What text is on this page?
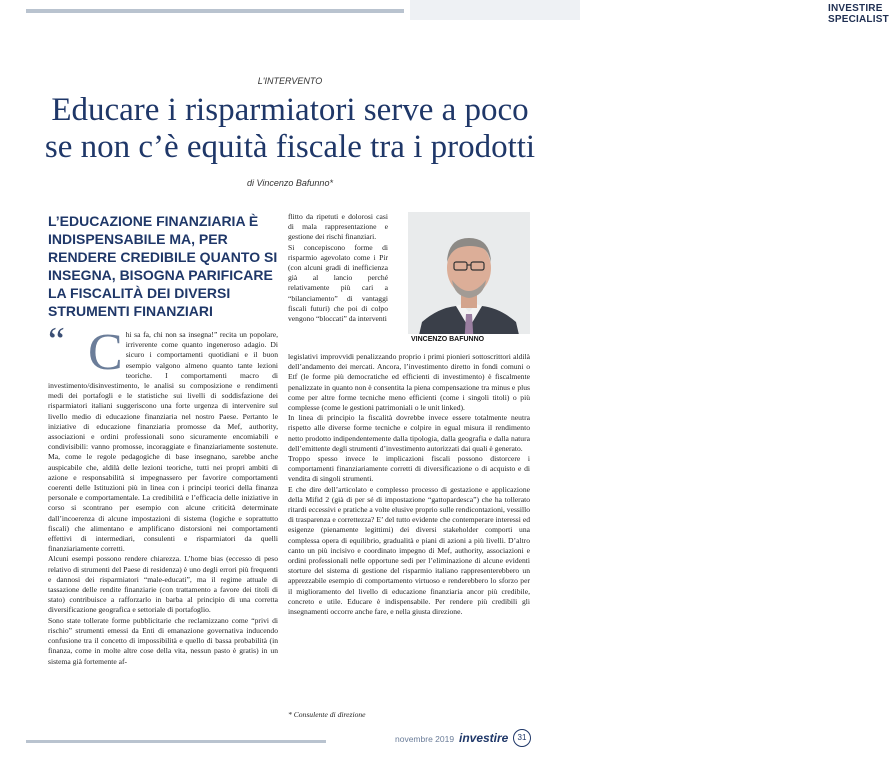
INVESTIRE SPECIALIST
L'INTERVENTO
Educare i risparmiatori serve a poco
se non c’è equità fiscale tra i prodotti
di Vincenzo Bafunno*
L’EDUCAZIONE FINANZIARIA È INDISPENSABILE MA, PER RENDERE CREDIBILE QUANTO SI INSEGNA, BISOGNA PARIFICARE LA FISCALITÀ DEI DIVERSI STRUMENTI FINANZIARI
“ Chi sa fa, chi non sa insegna!” recita un popolare, irriverente come quanto ingeneroso adagio. Di sicuro i comportamenti quotidiani e il buon esempio valgono almeno quanto tante lezioni teoriche. I comportamenti macro di investimento/disinvestimento, le analisi su composizione e rendimenti medi dei portafogli e le statistiche sui livelli di soddisfazione dei risparmiatori italiani suggeriscono una forte urgenza di intervenire sul livello medio di educazione finanziaria nel nostro Paese. Pertanto le iniziative di educazione finanziaria promosse da Mef, authority, associazioni e ordini professionali sono sicuramente encomiabili e condivisibili: vanno promosse, incoraggiate e finanziariamente sostenute. Ma, come le regole pedagogiche di base insegnano, sarebbe anche auspicabile che, aldilà delle lezioni teoriche, tutti nei propri ambiti di azione e responsabilità si impegnassero per favorire comportamenti coerenti delle Istituzioni più in linea con i principi teorici della finanza personale e comportamentale. La credibilità e l’efficacia delle iniziative in corso si scontrano per esempio con alcune criticità determinate dall’incoerenza di alcune impostazioni di sistema (logiche e soprattutto fiscali) che alimentano e amplificano distorsioni nei comportamenti effettivi di intermediari, consulenti e risparmiatori da quelli finanziariamente corretti.

Alcuni esempi possono rendere chiarezza. L’home bias (eccesso di peso relativo di strumenti del Paese di residenza) è uno degli errori più frequenti e dannosi dei risparmiatori “male-educati”, ma il regime attuale di tassazione delle rendite finanziarie (con trattamento a favore dei titoli di stato) contribuisce a rafforzarlo in barba al principio di una corretta diversificazione geografica e settoriale di portafoglio.

Sono state tollerate forme pubblicitarie che reclamizzano come “privi di rischio” strumenti emessi da Enti di emanazione governativa inducendo confusione tra il concetto di impossibilità e quello di bassa probabilità (in finanza, come in molte altre cose della vita, nessun pasto è gratis) in un sistema già fortemente af-

flitto da ripetuti e dolorosi casi di mala rappresentazione e gestione dei rischi finanziari.

Si concepiscono forme di risparmio agevolato come i Pir (con alcuni gradi di inefficienza già al lancio perché relativamente più cari a “bilanciamento” di vantaggi fiscali futuri) che poi di colpo vengono “bloccati” da interventi

VINCENZO BAFUNNO

legislativi improvvidi penalizzando proprio i primi pionieri sottoscrittori aldilà dell’andamento dei mercati. Ancora, l’investimento diretto in fondi comuni o Etf (le forme più democratiche ed efficienti di investimento) è fiscalmente penalizzate in quanto non è consentita la piena compensazione tra minus e plus come per altre forme tecniche meno efficienti (come i singoli titoli) o più complesse (come le gestioni patrimoniali o le unit linked).

In linea di principio la fiscalità dovrebbe invece essere totalmente neutra rispetto alle diverse forme tecniche e colpire in egual misura il rendimento netto prodotto indipendentemente dalla tipologia, dalla geografia e dalla natura dell’emittente degli strumenti d’investimento autorizzati dai quali è generato.

Troppo spesso invece le implicazioni fiscali possono distorcere i comportamenti finanziariamente corretti di diversificazione o di acquisto e di vendita di singoli strumenti.

E che dire dell’articolato e complesso processo di gestazione e applicazione della Mifid 2 (già di per sé di impostazione “gattopardesca”) che ha tollerato ritardi eccessivi e pratiche a volte elusive proprio sulle rendicontazioni, vessillo di trasparenza e correttezza? E’ del tutto evidente che contemperare interessi ed esigenze (pienamente legittimi) dei diversi stakeholder comporti una complessa opera di equilibrio, gradualità e piani di azioni a più livelli. D’altro canto un più incisivo e coordinato impegno di Mef, authority, associazioni e ordini professionali nelle opportune sedi per l’eliminazione di alcune evidenti storture del sistema di gestione del risparmio italiano rappresenterebbero un apprezzabile esempio di comportamento virtuoso e renderebbero lo sforzo per il miglioramento del livello di educazione finanziaria ancor più credibile, concreto e utile. Educare è indispensabile. Per rendere più credibili gli insegnamenti occorre anche fare, e nella giusta direzione.

* Consulente di direzione
novembre 2019 investire	31
